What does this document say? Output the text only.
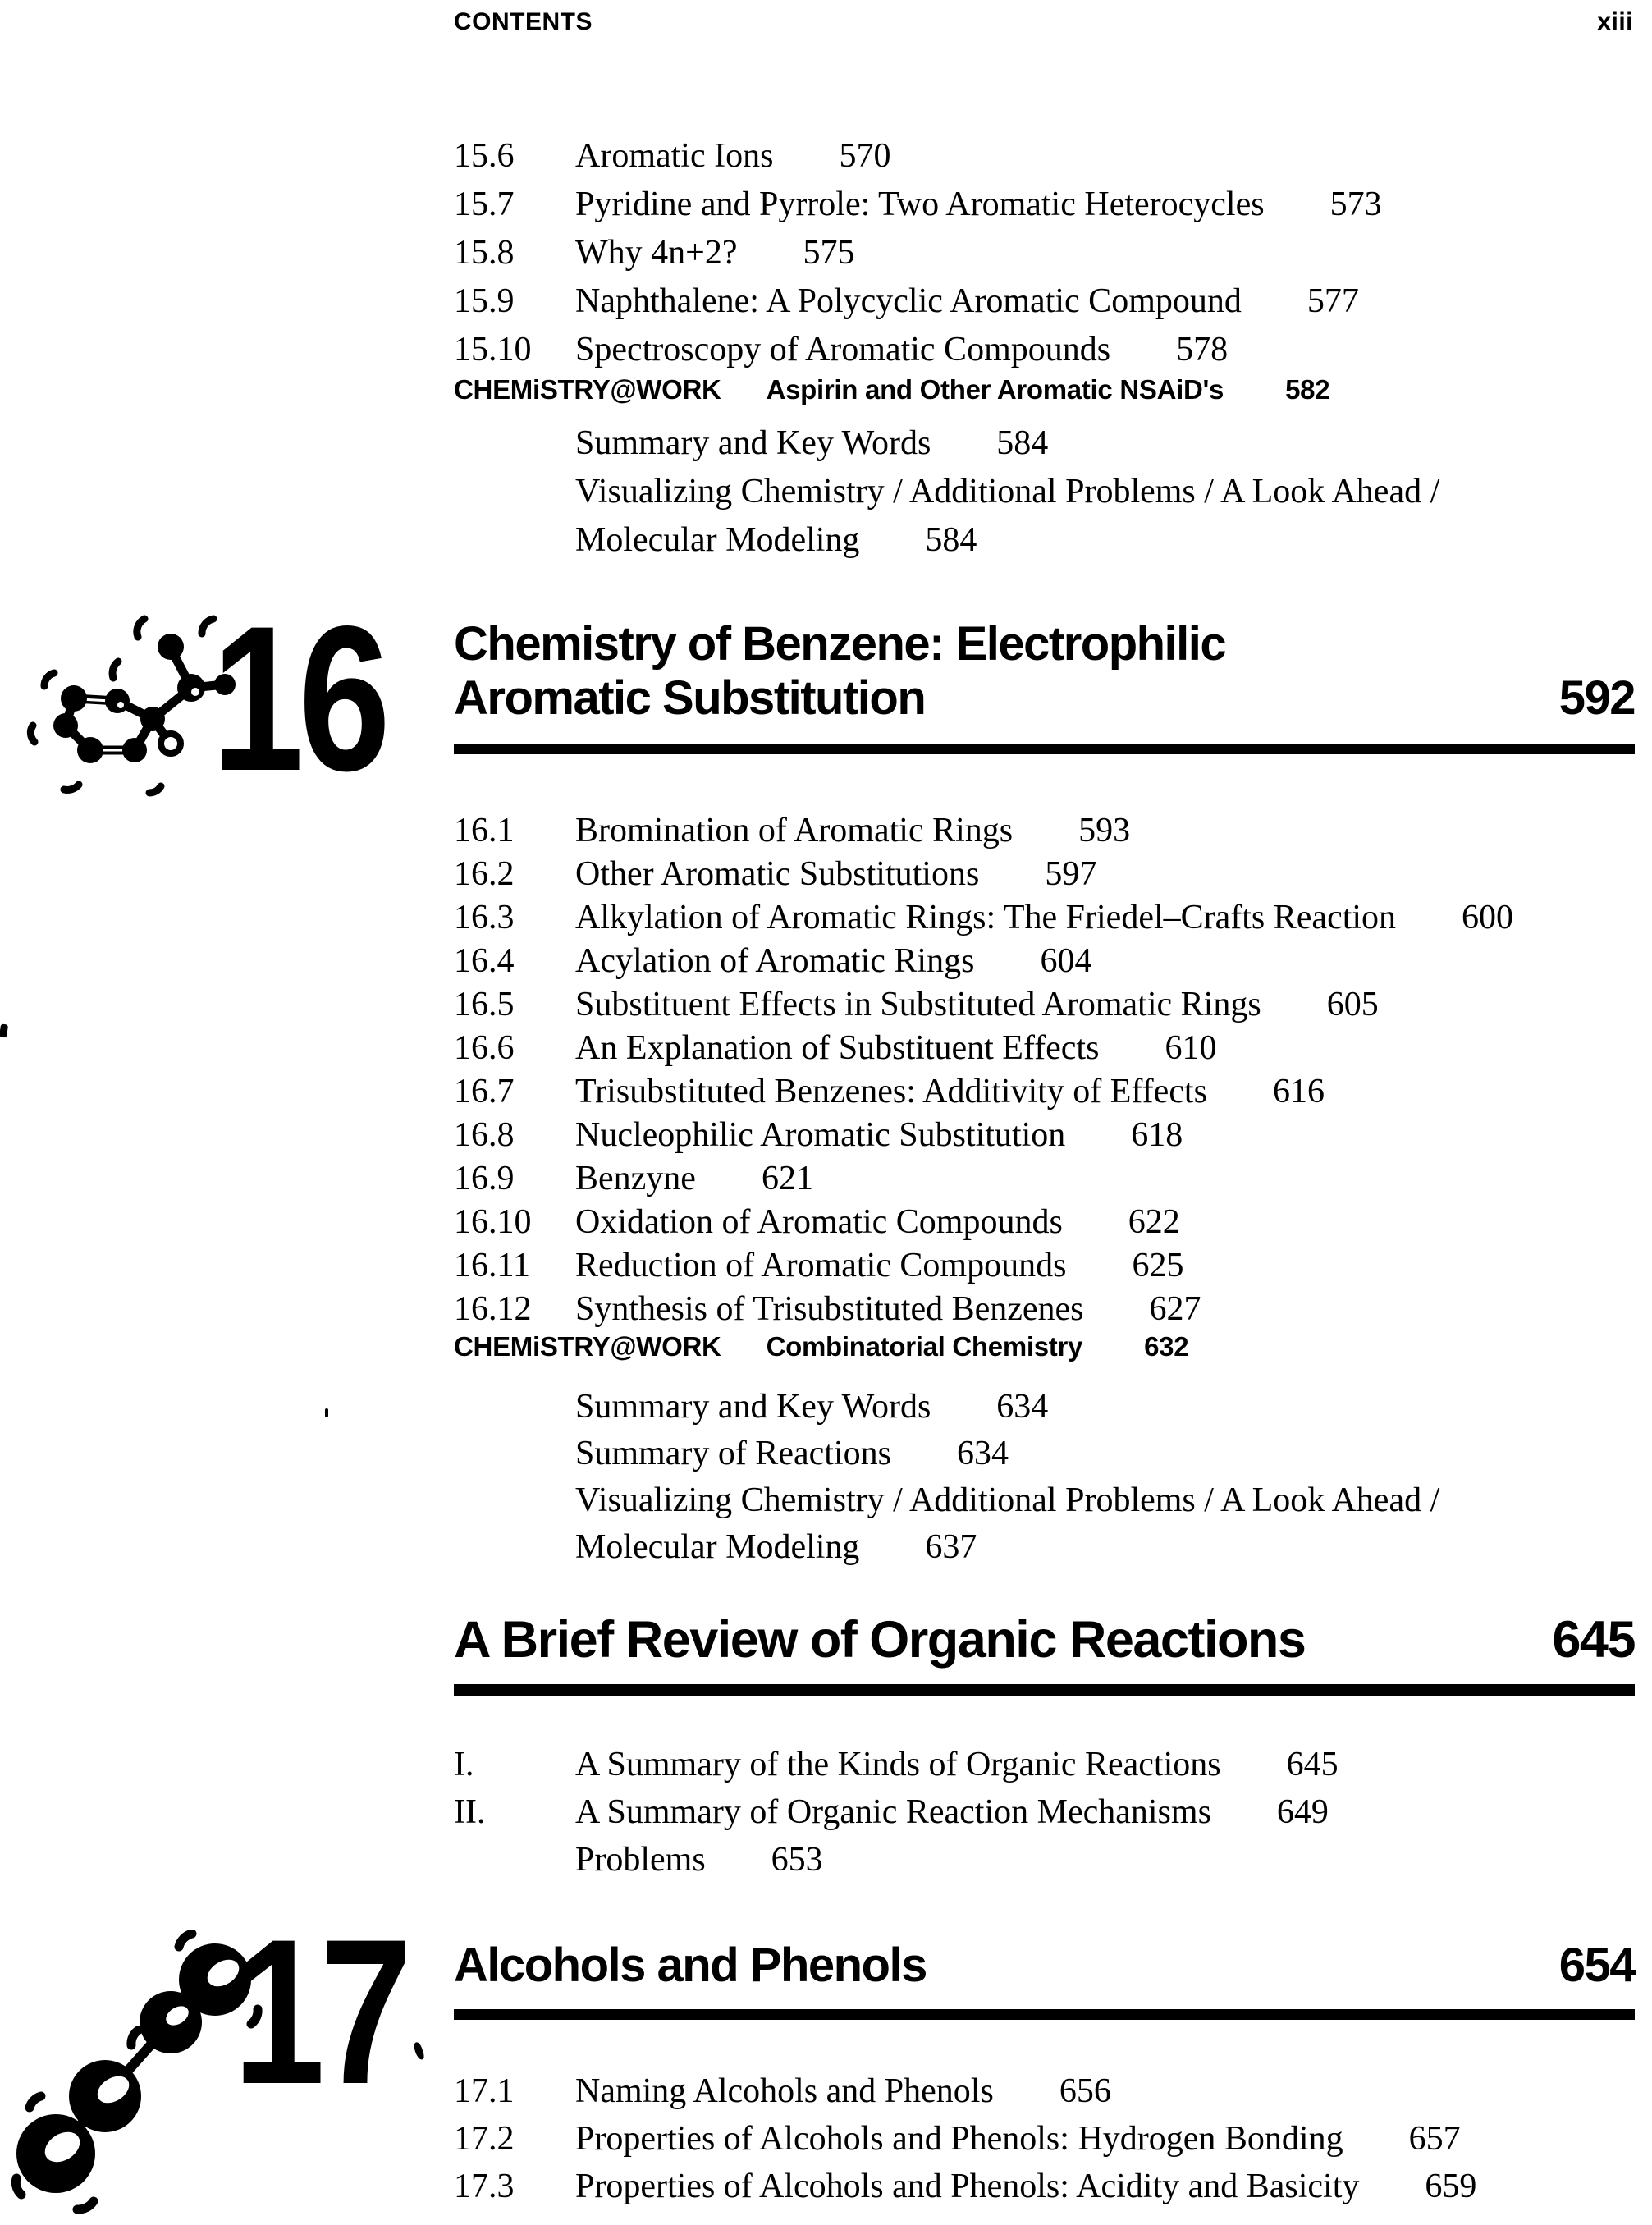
CONTENTS	xiii
15.6	Aromatic Ions 570
15.7	Pyridine and Pyrrole: Two Aromatic Heterocycles 573
15.8	Why 4n+2? 575
15.9	Naphthalene: A Polycyclic Aromatic Compound 577
15.10	Spectroscopy of Aromatic Compounds 578
CHEMiSTRY@WORK Aspirin and Other Aromatic NSAiD's 582
Summary and Key Words 584
Visualizing Chemistry / Additional Problems / A Look Ahead /
Molecular Modeling 584
16 Chemistry of Benzene: Electrophilic
Aromatic Substitution	592
16.1	Bromination of Aromatic Rings 593
16.2	Other Aromatic Substitutions 597
16.3	Alkylation of Aromatic Rings: The Friedel–Crafts Reaction 600
16.4	Acylation of Aromatic Rings 604
16.5	Substituent Effects in Substituted Aromatic Rings 605
16.6	An Explanation of Substituent Effects 610
16.7	Trisubstituted Benzenes: Additivity of Effects 616
16.8	Nucleophilic Aromatic Substitution 618
16.9	Benzyne 621
16.10	Oxidation of Aromatic Compounds 622
16.11	Reduction of Aromatic Compounds 625
16.12	Synthesis of Trisubstituted Benzenes 627
CHEMiSTRY@WORK Combinatorial Chemistry 632
Summary and Key Words 634
Summary of Reactions 634
Visualizing Chemistry / Additional Problems / A Look Ahead /
Molecular Modeling 637
A Brief Review of Organic Reactions	645
I.	A Summary of the Kinds of Organic Reactions 645
II.	A Summary of Organic Reaction Mechanisms 649
Problems 653
17 Alcohols and Phenols	654
17.1	Naming Alcohols and Phenols 656
17.2	Properties of Alcohols and Phenols: Hydrogen Bonding 657
17.3	Properties of Alcohols and Phenols: Acidity and Basicity 659
